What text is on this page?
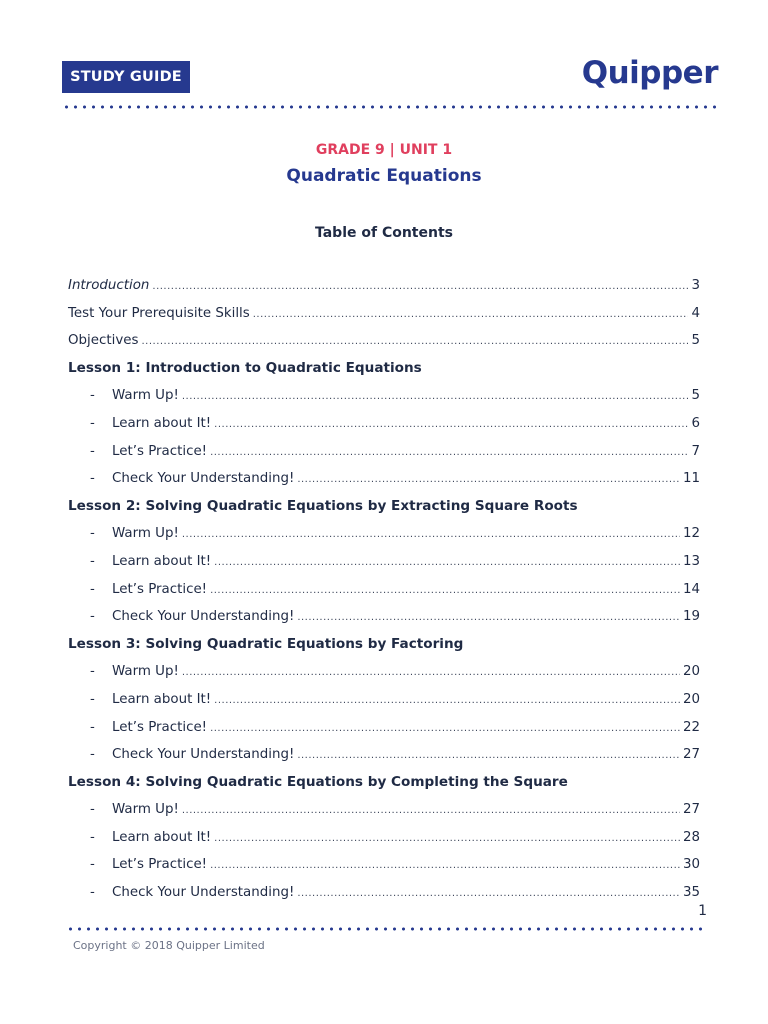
STUDY GUIDE	Quipper
GRADE 9 | UNIT 1
Quadratic Equations
Table of Contents
Introduction .....	3
Test Your Prerequisite Skills .....	4
Objectives .....	5
Lesson 1: Introduction to Quadratic Equations
-	Warm Up! .....	5
-	Learn about It! .....	6
-	Let’s Practice! .....	7
-	Check Your Understanding! .....	11
Lesson 2: Solving Quadratic Equations by Extracting Square Roots
-	Warm Up! .....	12
-	Learn about It! .....	13
-	Let’s Practice! .....	14
-	Check Your Understanding! .....	19
Lesson 3: Solving Quadratic Equations by Factoring
-	Warm Up! .....	20
-	Learn about It! .....	20
-	Let’s Practice! .....	22
-	Check Your Understanding! .....	27
Lesson 4: Solving Quadratic Equations by Completing the Square
-	Warm Up! .....	27
-	Learn about It! .....	28
-	Let’s Practice! .....	30
-	Check Your Understanding! .....	35
1
Copyright © 2018 Quipper Limited
